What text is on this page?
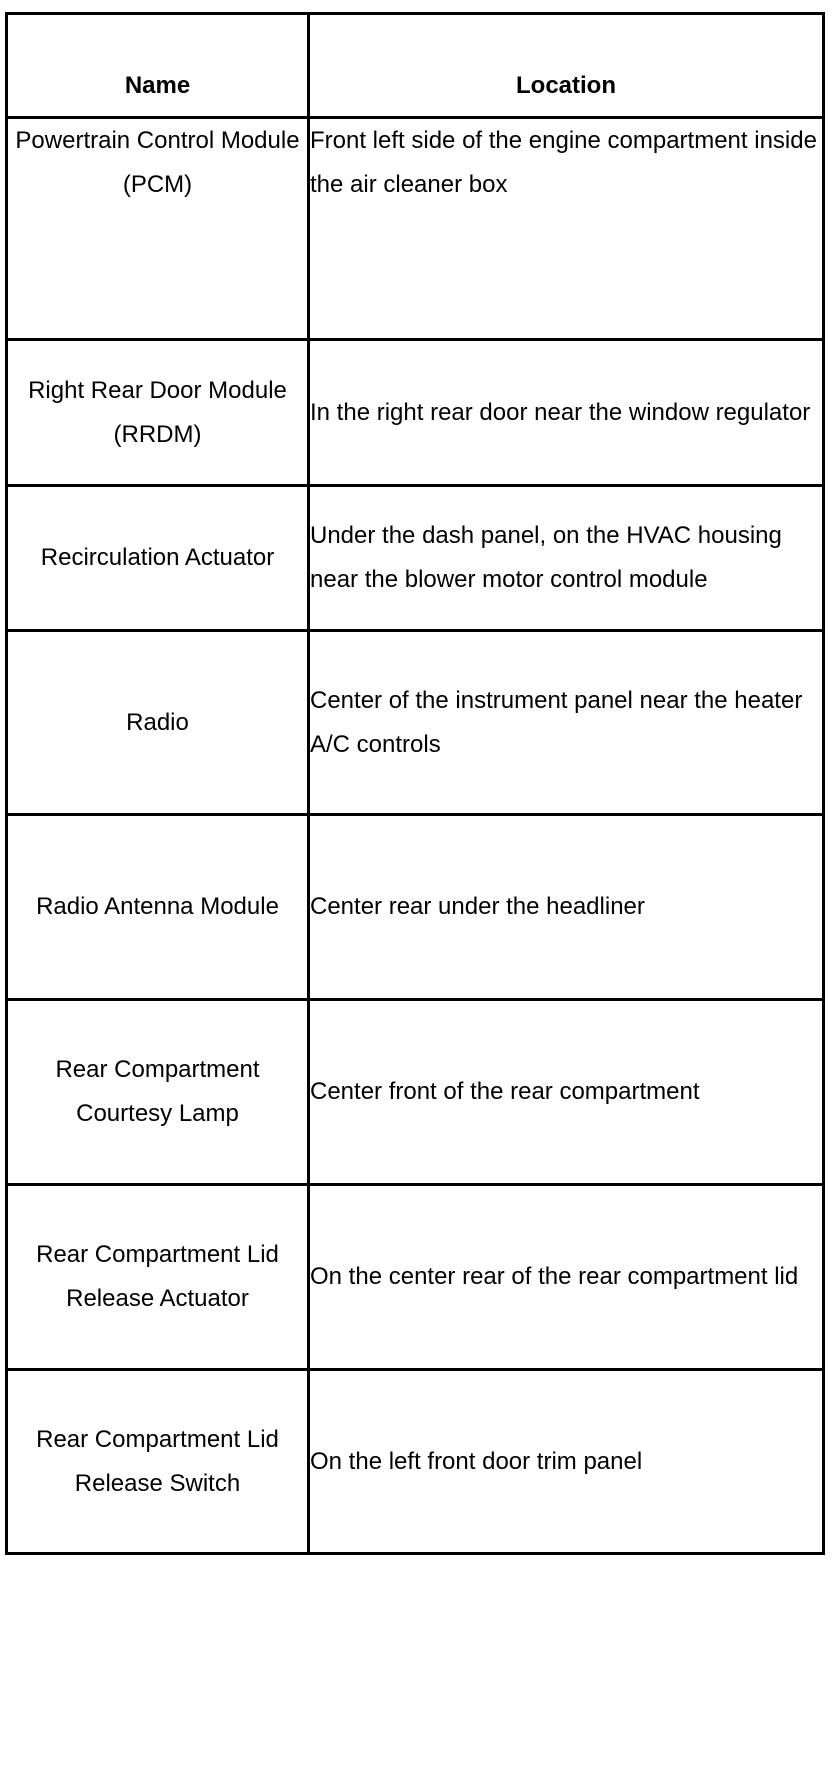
Name	Location
Powertrain Control Module (PCM)	Front left side of the engine compartment inside the air cleaner box
Right Rear Door Module (RRDM)	In the right rear door near the window regulator
Recirculation Actuator	Under the dash panel, on the HVAC housing near the blower motor control module
Radio	Center of the instrument panel near the heater A/C controls
Radio Antenna Module	Center rear under the headliner
Rear Compartment Courtesy Lamp	Center front of the rear compartment
Rear Compartment Lid Release Actuator	On the center rear of the rear compartment lid
Rear Compartment Lid Release Switch	On the left front door trim panel
